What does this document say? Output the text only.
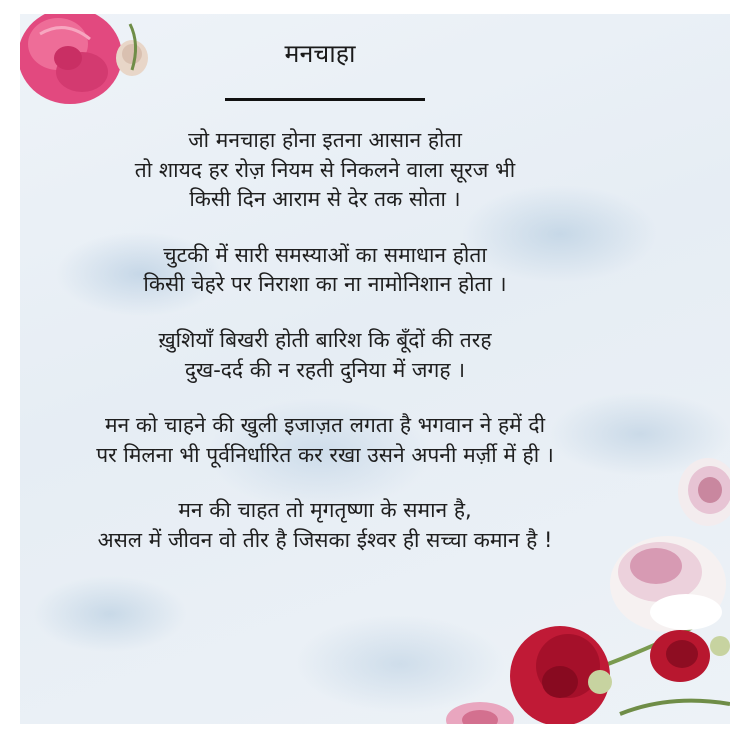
मनचाहा
जो मनचाहा होना इतना आसान होता
तो शायद हर रोज़ नियम से निकलने वाला सूरज भी
किसी दिन आराम से देर तक सोता ।
चुटकी में सारी समस्याओं का समाधान होता
किसी चेहरे पर निराशा का ना नामोनिशान होता ।
ख़ुशियाँ बिखरी होती बारिश कि बूँदों की तरह
दुख-दर्द की न रहती दुनिया में जगह ।
मन को चाहने की खुली इजाज़त लगता है भगवान ने हमें दी
पर मिलना भी पूर्वनिर्धारित कर रखा उसने अपनी मर्ज़ी में ही ।
मन की चाहत तो मृगतृष्णा के समान है,
असल में जीवन वो तीर है जिसका ईश्वर ही सच्चा कमान है !
